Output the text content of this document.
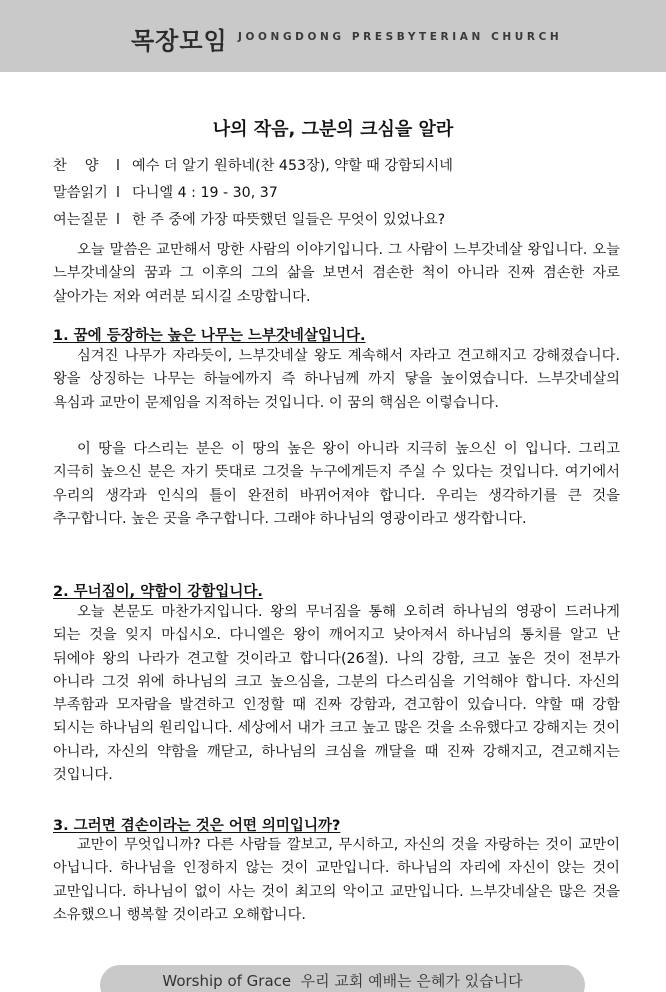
목장모임 JOONGDONG PRESBYTERIAN CHURCH
나의 작음, 그분의 크심을 알라
찬    양 l 예수 더 알기 원하네(찬 453장), 약할 때 강함되시네
말씀읽기 l 다니엘 4 : 19 - 30, 37
여는질문 l 한 주 중에 가장 따뜻했던 일들은 무엇이 있었나요?
오늘 말씀은 교만해서 망한 사람의 이야기입니다. 그 사람이 느부갓네살 왕입니다. 오늘 느부갓네살의 꿈과 그 이후의 그의 삶을 보면서 겸손한 척이 아니라 진짜 겸손한 자로 살아가는 저와 여러분 되시길 소망합니다.
1. 꿈에 등장하는 높은 나무는 느부갓네살입니다.
심겨진 나무가 자라듯이, 느부갓네살 왕도 계속해서 자라고 견고해지고 강해졌습니다. 왕을 상징하는 나무는 하늘에까지 즉 하나님께 까지 닿을 높이였습니다. 느부갓네살의 욕심과 교만이 문제임을 지적하는 것입니다. 이 꿈의 핵심은 이렇습니다.
이 땅을 다스리는 분은 이 땅의 높은 왕이 아니라 지극히 높으신 이 입니다. 그리고 지극히 높으신 분은 자기 뜻대로 그것을 누구에게든지 주실 수 있다는 것입니다. 여기에서 우리의 생각과 인식의 틀이 완전히 바뀌어져야 합니다. 우리는 생각하기를 큰 것을 추구합니다. 높은 곳을 추구합니다. 그래야 하나님의 영광이라고 생각합니다.
2. 무너짐이, 약함이 강함입니다.
오늘 본문도 마찬가지입니다. 왕의 무너짐을 통해 오히려 하나님의 영광이 드러나게 되는 것을 잊지 마십시오. 다니엘은 왕이 깨어지고 낮아져서 하나님의 통치를 알고 난 뒤에야 왕의 나라가 견고할 것이라고 합니다(26절). 나의 강함, 크고 높은 것이 전부가 아니라 그것 위에 하나님의 크고 높으심을, 그분의 다스리심을 기억해야 합니다. 자신의 부족함과 모자람을 발견하고 인정할 때 진짜 강함과, 견고함이 있습니다. 약할 때 강함 되시는 하나님의 원리입니다. 세상에서 내가 크고 높고 많은 것을 소유했다고 강해지는 것이 아니라, 자신의 약함을 깨닫고, 하나님의 크심을 깨달을 때 진짜 강해지고, 견고해지는 것입니다.
3. 그러면 겸손이라는 것은 어떤 의미입니까?
교만이 무엇입니까? 다른 사람들 깔보고, 무시하고, 자신의 것을 자랑하는 것이 교만이 아닙니다. 하나님을 인정하지 않는 것이 교만입니다. 하나님의 자리에 자신이 앉는 것이 교만입니다. 하나님이 없이 사는 것이 최고의 악이고 교만입니다. 느부갓네살은 많은 것을 소유했으니 행복할 것이라고 오해합니다.
Worship of Grace  우리 교회 예배는 은혜가 있습니다
